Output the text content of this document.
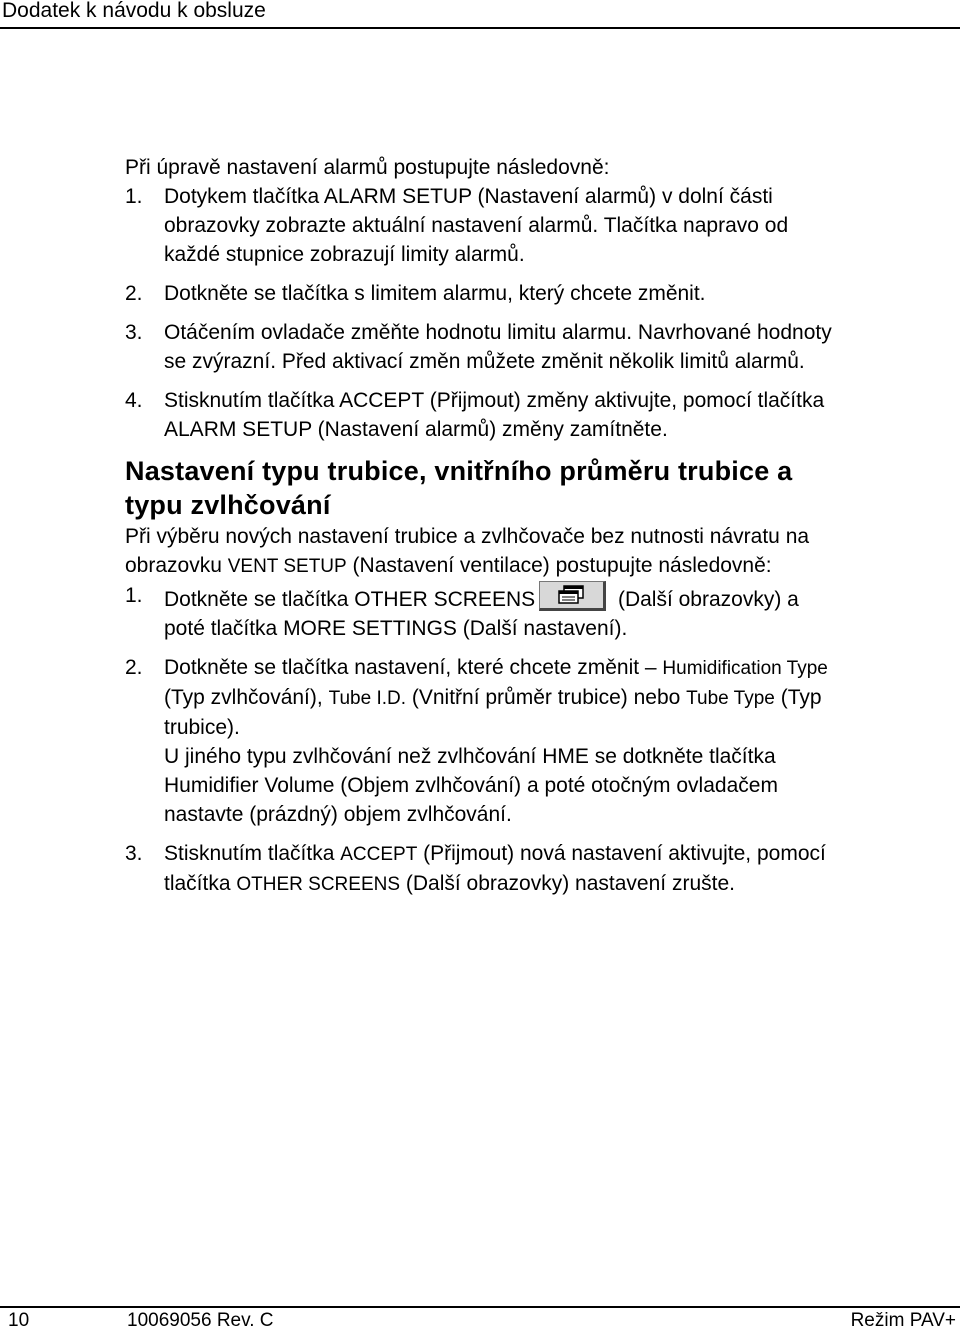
Dodatek k návodu k obsluze

Při úpravě nastavení alarmů postupujte následovně:

1. Dotykem tlačítka ALARM SETUP (Nastavení alarmů) v dolní části obrazovky zobrazte aktuální nastavení alarmů. Tlačítka napravo od každé stupnice zobrazují limity alarmů.

2. Dotkněte se tlačítka s limitem alarmu, který chcete změnit.

3. Otáčením ovladače změňte hodnotu limitu alarmu. Navrhované hodnoty se zvýrazní. Před aktivací změn můžete změnit několik limitů alarmů.

4. Stisknutím tlačítka ACCEPT (Přijmout) změny aktivujte, pomocí tlačítka ALARM SETUP (Nastavení alarmů) změny zamítněte.

Nastavení typu trubice, vnitřního průměru trubice a typu zvlhčování

Při výběru nových nastavení trubice a zvlhčovače bez nutnosti návratu na obrazovku VENT SETUP (Nastavení ventilace) postupujte následovně:

1. Dotkněte se tlačítka OTHER SCREENS	(Další obrazovky) a poté tlačítka MORE SETTINGS (Další nastavení).

2. Dotkněte se tlačítka nastavení, které chcete změnit – Humidification Type (Typ zvlhčování), Tube I.D. (Vnitřní průměr trubice) nebo Tube Type (Typ trubice).

U jiného typu zvlhčování než zvlhčování HME se dotkněte tlačítka Humidifier Volume (Objem zvlhčování) a poté otočným ovladačem nastavte (prázdný) objem zvlhčování.

3. Stisknutím tlačítka ACCEPT (Přijmout) nová nastavení aktivujte, pomocí tlačítka OTHER SCREENS (Další obrazovky) nastavení zrušte.

10	10069056 Rev. C	Režim PAV+
